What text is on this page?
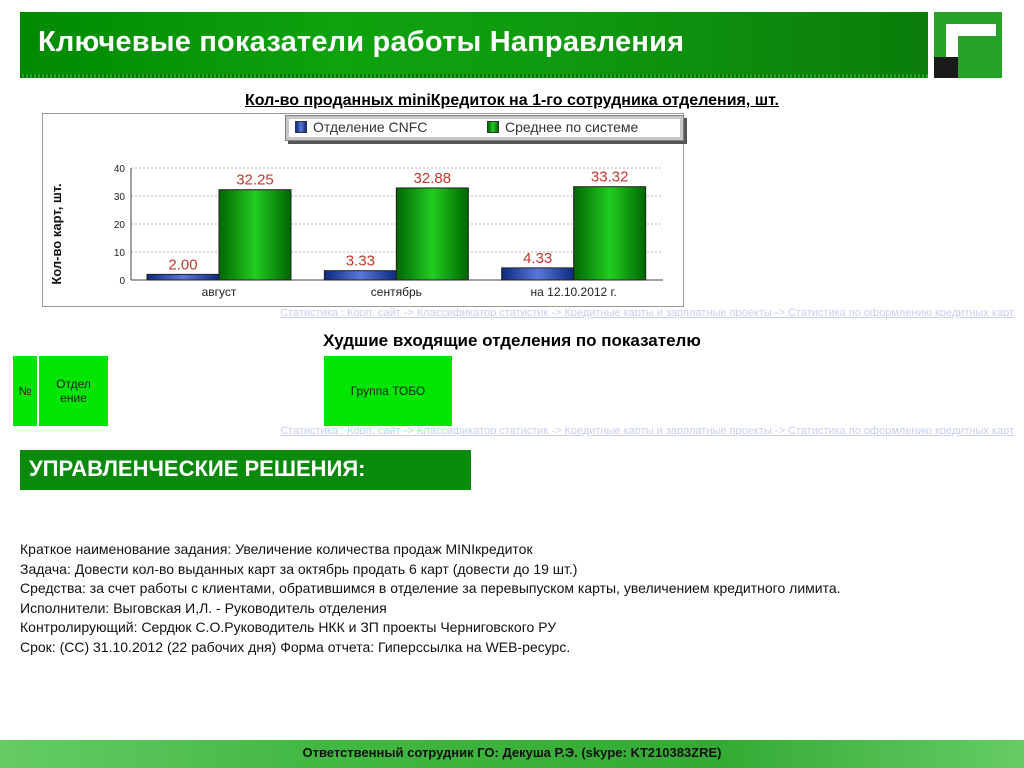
Ключевые показатели работы Направления
Кол-во проданных miniКредиток на 1-го сотрудника отделения, шт.
0
10
20
30
40
Кол-во карт, шт.	2.00
32.25
август
3.33
32.88
сентябрь
4.33
33.32
на 12.10.2012 г.
Отделение CNFC	Среднее по системе
Статистика : Корп. сайт -> Классификатор статистик -> Кредитные карты и зарплатные проекты -> Статистика по оформлению кредитных карт
Худшие входящие отделения по показателю
№	Отдел ение	Группа ТОБО
Статистика : Корп. сайт -> Классификатор статистик -> Кредитные карты и зарплатные проекты -> Статистика по оформлению кредитных карт
УПРАВЛЕНЧЕСКИЕ РЕШЕНИЯ:
Краткое наименование задания: Увеличение количества продаж MINIкредиток
Задача: Довести кол-во выданных карт за октябрь продать 6 карт (довести до 19 шт.)
Средства: за счет работы с клиентами, обратившимся в отделение за перевыпуском карты, увеличением кредитного лимита.
Исполнители: Выговская И,Л. - Руководитель отделения
Контролирующий: Сердюк С.О.Руководитель НКК и ЗП проекты Черниговского РУ
Срок: (СС) 31.10.2012 (22 рабочих дня) Форма отчета: Гиперссылка на WEB-ресурс.
Ответственный сотрудник ГО: Декуша Р.Э. (skype: KT210383ZRE)
